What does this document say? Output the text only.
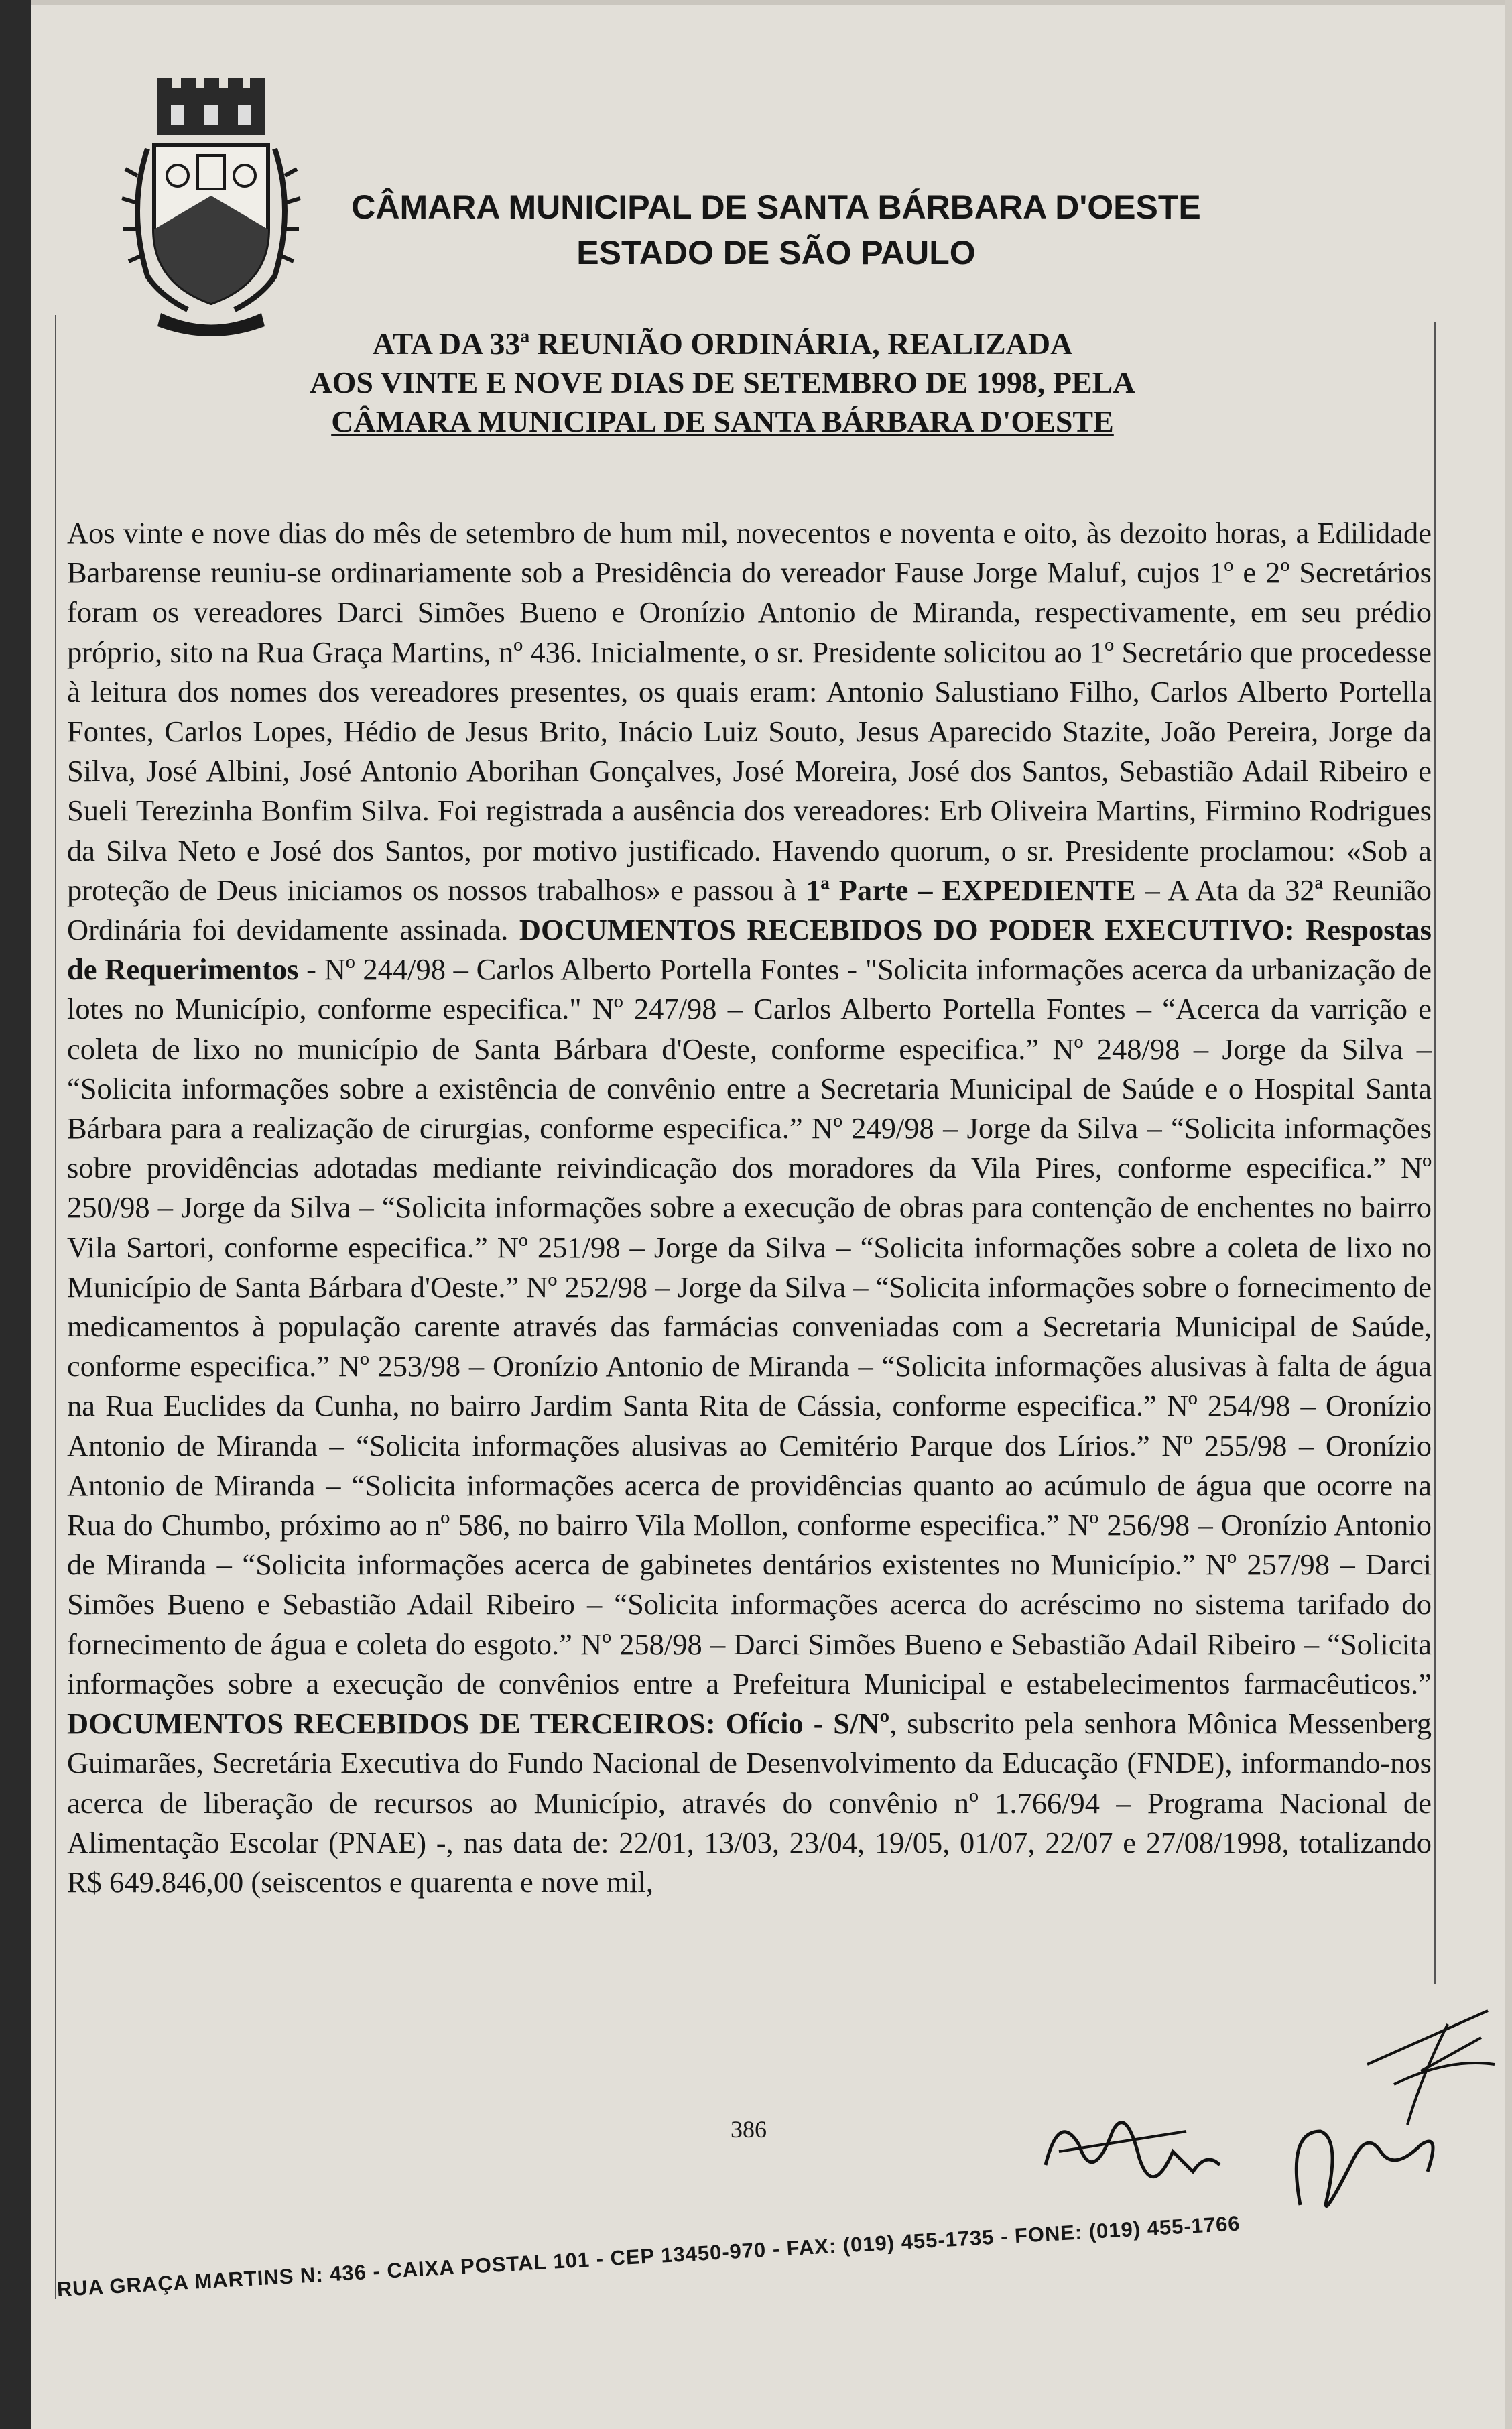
CÂMARA MUNICIPAL DE SANTA BÁRBARA D'OESTE
ESTADO DE SÃO PAULO
ATA DA 33ª REUNIÃO ORDINÁRIA, REALIZADA
AOS VINTE E NOVE DIAS DE SETEMBRO DE 1998, PELA
CÂMARA MUNICIPAL DE SANTA BÁRBARA D'OESTE

Aos vinte e nove dias do mês de setembro de hum mil, novecentos e noventa e oito, às dezoito horas, a Edilidade Barbarense reuniu-se ordinariamente sob a Presidência do vereador Fause Jorge Maluf, cujos 1º e 2º Secretários foram os vereadores Darci Simões Bueno e Oronízio Antonio de Miranda, respectivamente, em seu prédio próprio, sito na Rua Graça Martins, nº 436. Inicialmente, o sr. Presidente solicitou ao 1º Secretário que procedesse à leitura dos nomes dos vereadores presentes, os quais eram: Antonio Salustiano Filho, Carlos Alberto Portella Fontes, Carlos Lopes, Hédio de Jesus Brito, Inácio Luiz Souto, Jesus Aparecido Stazite, João Pereira, Jorge da Silva, José Albini, José Antonio Aborihan Gonçalves, José Moreira, José dos Santos, Sebastião Adail Ribeiro e Sueli Terezinha Bonfim Silva. Foi registrada a ausência dos vereadores: Erb Oliveira Martins, Firmino Rodrigues da Silva Neto e José dos Santos, por motivo justificado. Havendo quorum, o sr. Presidente proclamou: «Sob a proteção de Deus iniciamos os nossos trabalhos» e passou à 1ª Parte – EXPEDIENTE – A Ata da 32ª Reunião Ordinária foi devidamente assinada. DOCUMENTOS RECEBIDOS DO PODER EXECUTIVO: Respostas de Requerimentos - Nº 244/98 – Carlos Alberto Portella Fontes - "Solicita informações acerca da urbanização de lotes no Município, conforme especifica." Nº 247/98 – Carlos Alberto Portella Fontes – “Acerca da varrição e coleta de lixo no município de Santa Bárbara d'Oeste, conforme especifica.” Nº 248/98 – Jorge da Silva – “Solicita informações sobre a existência de convênio entre a Secretaria Municipal de Saúde e o Hospital Santa Bárbara para a realização de cirurgias, conforme especifica.” Nº 249/98 – Jorge da Silva – “Solicita informações sobre providências adotadas mediante reivindicação dos moradores da Vila Pires, conforme especifica.” Nº 250/98 – Jorge da Silva – “Solicita informações sobre a execução de obras para contenção de enchentes no bairro Vila Sartori, conforme especifica.” Nº 251/98 – Jorge da Silva – “Solicita informações sobre a coleta de lixo no Município de Santa Bárbara d'Oeste.” Nº 252/98 – Jorge da Silva – “Solicita informações sobre o fornecimento de medicamentos à população carente através das farmácias conveniadas com a Secretaria Municipal de Saúde, conforme especifica.” Nº 253/98 – Oronízio Antonio de Miranda – “Solicita informações alusivas à falta de água na Rua Euclides da Cunha, no bairro Jardim Santa Rita de Cássia, conforme especifica.” Nº 254/98 – Oronízio Antonio de Miranda – “Solicita informações alusivas ao Cemitério Parque dos Lírios.” Nº 255/98 – Oronízio Antonio de Miranda – “Solicita informações acerca de providências quanto ao acúmulo de água que ocorre na Rua do Chumbo, próximo ao nº 586, no bairro Vila Mollon, conforme especifica.” Nº 256/98 – Oronízio Antonio de Miranda – “Solicita informações acerca de gabinetes dentários existentes no Município.” Nº 257/98 – Darci Simões Bueno e Sebastião Adail Ribeiro – “Solicita informações acerca do acréscimo no sistema tarifado do fornecimento de água e coleta do esgoto.” Nº 258/98 – Darci Simões Bueno e Sebastião Adail Ribeiro – “Solicita informações sobre a execução de convênios entre a Prefeitura Municipal e estabelecimentos farmacêuticos.” DOCUMENTOS RECEBIDOS DE TERCEIROS: Ofício - S/Nº, subscrito pela senhora Mônica Messenberg Guimarães, Secretária Executiva do Fundo Nacional de Desenvolvimento da Educação (FNDE), informando-nos acerca de liberação de recursos ao Município, através do convênio nº 1.766/94 – Programa Nacional de Alimentação Escolar (PNAE) -, nas data de: 22/01, 13/03, 23/04, 19/05, 01/07, 22/07 e 27/08/1998, totalizando R$ 649.846,00 (seiscentos e quarenta e nove mil,

386
RUA GRAÇA MARTINS N: 436 - CAIXA POSTAL 101 - CEP 13450-970 - FAX: (019) 455-1735 - FONE: (019) 455-1766
